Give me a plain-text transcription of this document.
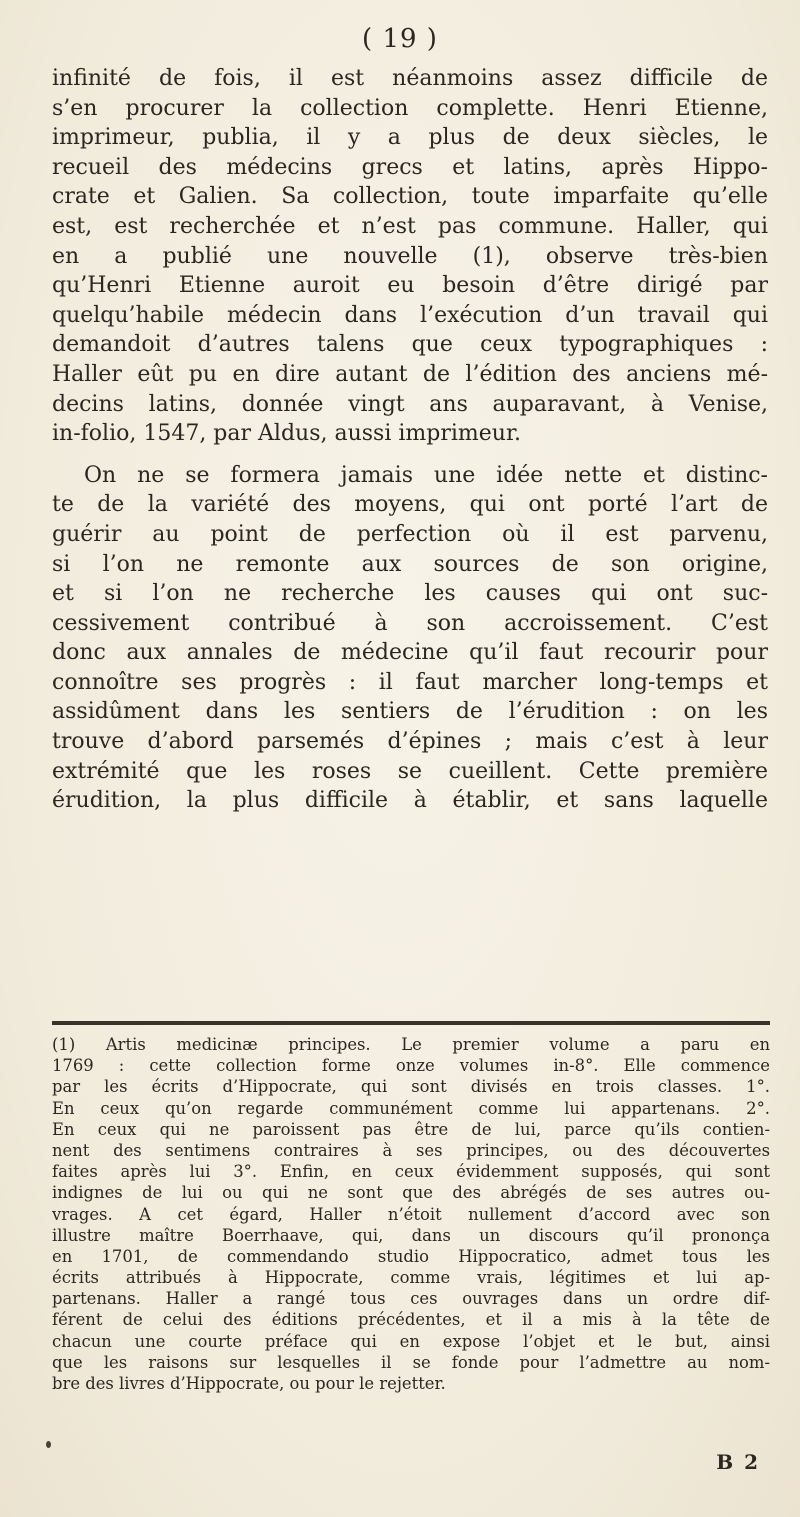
( 19 )
infinité de fois, il est néanmoins assez difficile de
s’en procurer la collection complette. Henri Etienne,
imprimeur, publia, il y a plus de deux siècles, le
recueil des médecins grecs et latins, après Hippo-
crate et Galien. Sa collection, toute imparfaite qu’elle
est, est recherchée et n’est pas commune. Haller, qui
en a publié une nouvelle (1), observe très-bien
qu’Henri Etienne auroit eu besoin d’être dirigé par
quelqu’habile médecin dans l’exécution d’un travail qui
demandoit d’autres talens que ceux typographiques :
Haller eût pu en dire autant de l’édition des anciens mé-
decins latins, donnée vingt ans auparavant, à Venise,
in-folio, 1547, par Aldus, aussi imprimeur.
On ne se formera jamais une idée nette et distinc-
te de la variété des moyens, qui ont porté l’art de
guérir au point de perfection où il est parvenu,
si l’on ne remonte aux sources de son origine,
et si l’on ne recherche les causes qui ont suc-
cessivement contribué à son accroissement. C’est
donc aux annales de médecine qu’il faut recourir pour
connoître ses progrès : il faut marcher long-temps et
assidûment dans les sentiers de l’érudition : on les
trouve d’abord parsemés d’épines ; mais c’est à leur
extrémité que les roses se cueillent. Cette première
érudition, la plus difficile à établir, et sans laquelle
(1) Artis medicinæ principes. Le premier volume a paru en
1769 : cette collection forme onze volumes in-8°. Elle commence
par les écrits d’Hippocrate, qui sont divisés en trois classes. 1°.
En ceux qu’on regarde communément comme lui appartenans. 2°.
En ceux qui ne paroissent pas être de lui, parce qu’ils contien-
nent des sentimens contraires à ses principes, ou des découvertes
faites après lui 3°. Enfin, en ceux évidemment supposés, qui sont
indignes de lui ou qui ne sont que des abrégés de ses autres ou-
vrages. A cet égard, Haller n’étoit nullement d’accord avec son
illustre maître Boerrhaave, qui, dans un discours qu’il prononça
en 1701, de commendando studio Hippocratico, admet tous les
écrits attribués à Hippocrate, comme vrais, légitimes et lui ap-
partenans. Haller a rangé tous ces ouvrages dans un ordre dif-
férent de celui des éditions précédentes, et il a mis à la tête de
chacun une courte préface qui en expose l’objet et le but, ainsi
que les raisons sur lesquelles il se fonde pour l’admettre au nom-
bre des livres d’Hippocrate, ou pour le rejetter.
B 2
